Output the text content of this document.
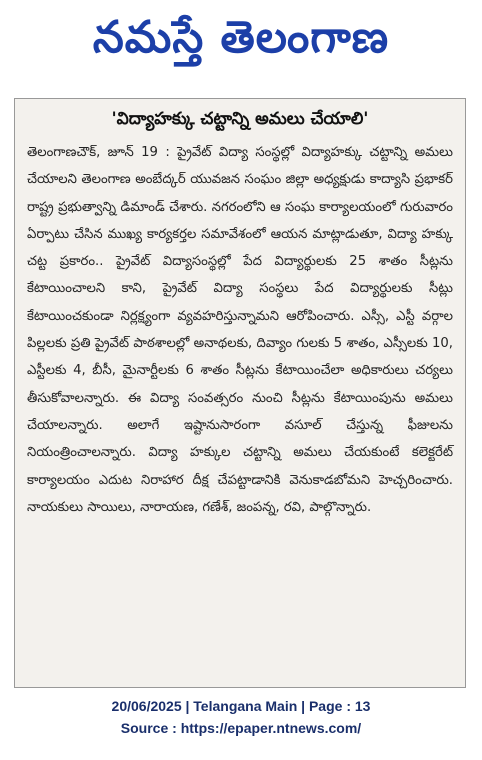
నమస్తే తెలంగాణ
'విద్యాహక్కు చట్టాన్ని అమలు చేయాలి'

తెలంగాణచౌక్, జూన్ 19 : ప్రైవేట్ విద్యా సంస్థల్లో విద్యాహక్కు చట్టాన్ని అమలు చేయాలని తెలంగాణ అంబేద్కర్ యువజన సంఘం జిల్లా అధ్యక్షుడు కాద్యాసి ప్రభాకర్ రాష్ట్ర ప్రభుత్వాన్ని డిమాండ్ చేశారు. నగరంలోని ఆ సంఘ కార్యాలయంలో గురువారం ఏర్పాటు చేసిన ముఖ్య కార్యకర్తల సమావేశంలో ఆయన మాట్లాడుతూ, విద్యా హక్కు చట్ట ప్రకారం.. ప్రైవేట్ విద్యాసంస్థల్లో పేద విద్యార్థులకు 25 శాతం సీట్లను కేటాయించాలని కాని, ప్రైవేట్ విద్యా సంస్థలు పేద విద్యార్థులకు సీట్లు కేటాయించకుండా నిర్లక్ష్యంగా వ్యవహరిస్తున్నామని ఆరోపించారు. ఎస్సీ, ఎస్టీ వర్గాల పిల్లలకు ప్రతి ప్రైవేట్ పాఠశాలల్లో అనాథలకు, దివ్యాం గులకు 5 శాతం, ఎస్సీలకు 10, ఎస్టీలకు 4, బీసీ, మైనార్టీలకు 6 శాతం సీట్లను కేటాయించేలా అధికారులు చర్యలు తీసుకోవాలన్నారు. ఈ విద్యా సంవత్సరం నుంచి సీట్లను కేటాయింపును అమలు చేయాలన్నారు. అలాగే ఇష్టానుసారంగా వసూల్ చేస్తున్న ఫీజులను నియంత్రించాలన్నారు. విద్యా హక్కుల చట్టాన్ని అమలు చేయకుంటే కలెక్టరేట్ కార్యాలయం ఎదుట నిరాహార దీక్ష చేపట్టాడానికి వెనుకాడబోమని హెచ్చరించారు. నాయకులు సాయిలు, నారాయణ, గణేశ్, జంపన్న, రవి, పాల్గొన్నారు.

20/06/2025 | Telangana Main | Page : 13
Source : https://epaper.ntnews.com/
